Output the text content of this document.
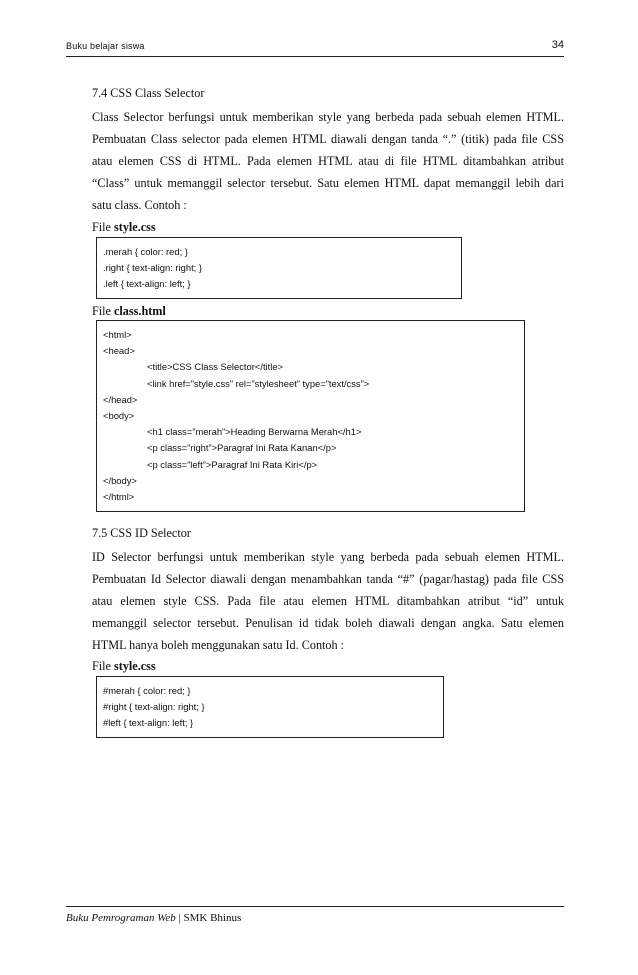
Buku belajar siswa	34

7.4 CSS Class Selector

Class Selector berfungsi untuk memberikan style yang berbeda pada sebuah elemen HTML.
Pembuatan Class selector pada elemen HTML diawali dengan tanda “.” (titik) pada file CSS
atau elemen CSS di HTML. Pada elemen HTML atau di file HTML ditambahkan atribut
“Class” untuk memanggil selector tersebut. Satu elemen HTML dapat memanggil lebih dari
satu class. Contoh :

File style.css

.merah { color: red; }
.right { text-align: right; }
.left { text-align: left; }

File class.html

<html>
<head>
<title>CSS Class Selector</title>
<link href=”style.css” rel=”stylesheet” type=”text/css”>
</head>
<body>
<h1 class=”merah”>Heading Berwarna Merah</h1>
<p class=”right”>Paragraf Ini Rata Kanan</p>
<p class=”left”>Paragraf Ini Rata Kiri</p>
</body>
</html>

7.5 CSS ID Selector

ID Selector berfungsi untuk memberikan style yang berbeda pada sebuah elemen HTML.
Pembuatan Id Selector diawali dengan menambahkan tanda “#” (pagar/hastag) pada file CSS
atau elemen style CSS. Pada file atau elemen HTML ditambahkan atribut “id” untuk
memanggil selector tersebut. Penulisan id tidak boleh diawali dengan angka. Satu elemen
HTML hanya boleh menggunakan satu Id. Contoh :

File style.css

#merah { color: red; }
#right { text-align: right; }
#left { text-align: left; }
Buku Pemrograman Web | SMK Bhinus
